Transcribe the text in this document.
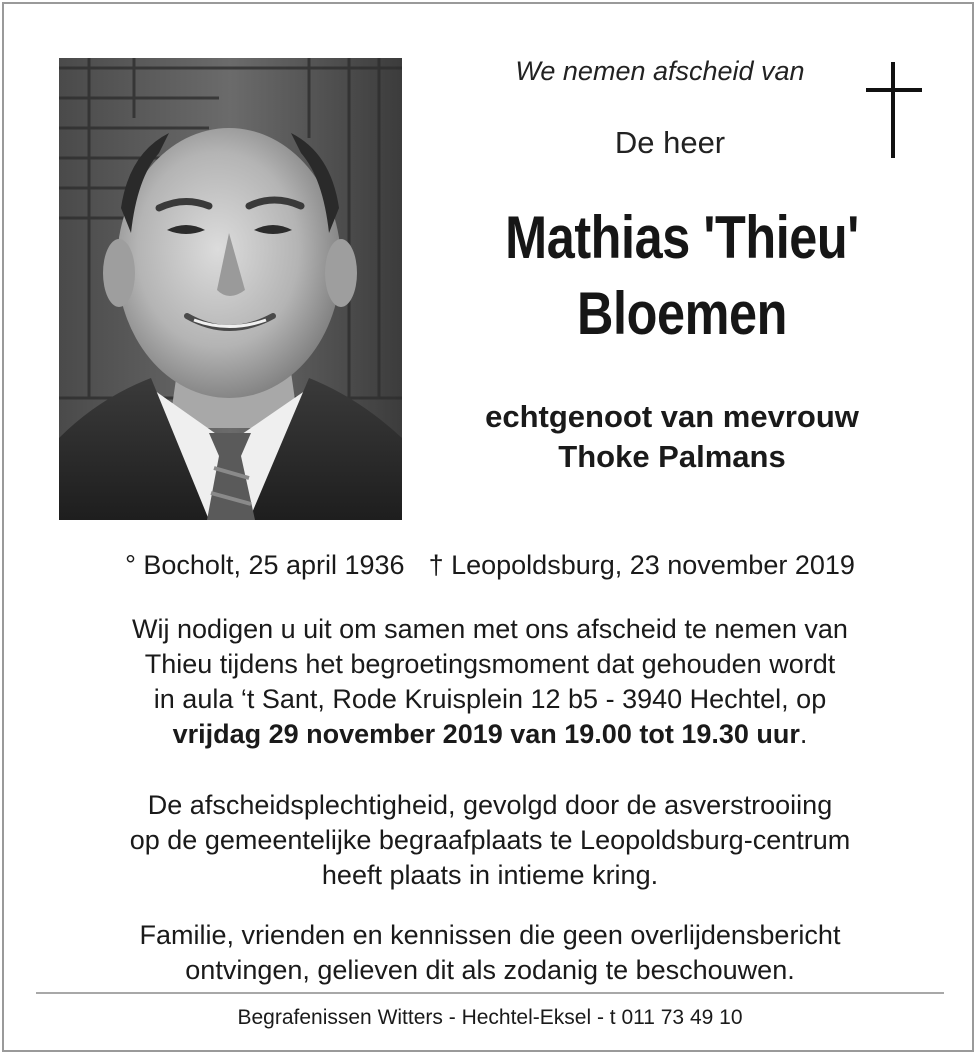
We nemen afscheid van
De heer
Mathias 'Thieu'
Bloemen
echtgenoot van mevrouw
Thoke Palmans
° Bocholt, 25 april 1936 † Leopoldsburg, 23 november 2019
Wij nodigen u uit om samen met ons afscheid te nemen van
Thieu tijdens het begroetingsmoment dat gehouden wordt
in aula ‘t Sant, Rode Kruisplein 12 b5 - 3940 Hechtel, op
vrijdag 29 november 2019 van 19.00 tot 19.30 uur.
De afscheidsplechtigheid, gevolgd door de asverstrooiing
op de gemeentelijke begraafplaats te Leopoldsburg-centrum
heeft plaats in intieme kring.
Familie, vrienden en kennissen die geen overlijdensbericht
ontvingen, gelieven dit als zodanig te beschouwen.
Begrafenissen Witters - Hechtel-Eksel - t 011 73 49 10
